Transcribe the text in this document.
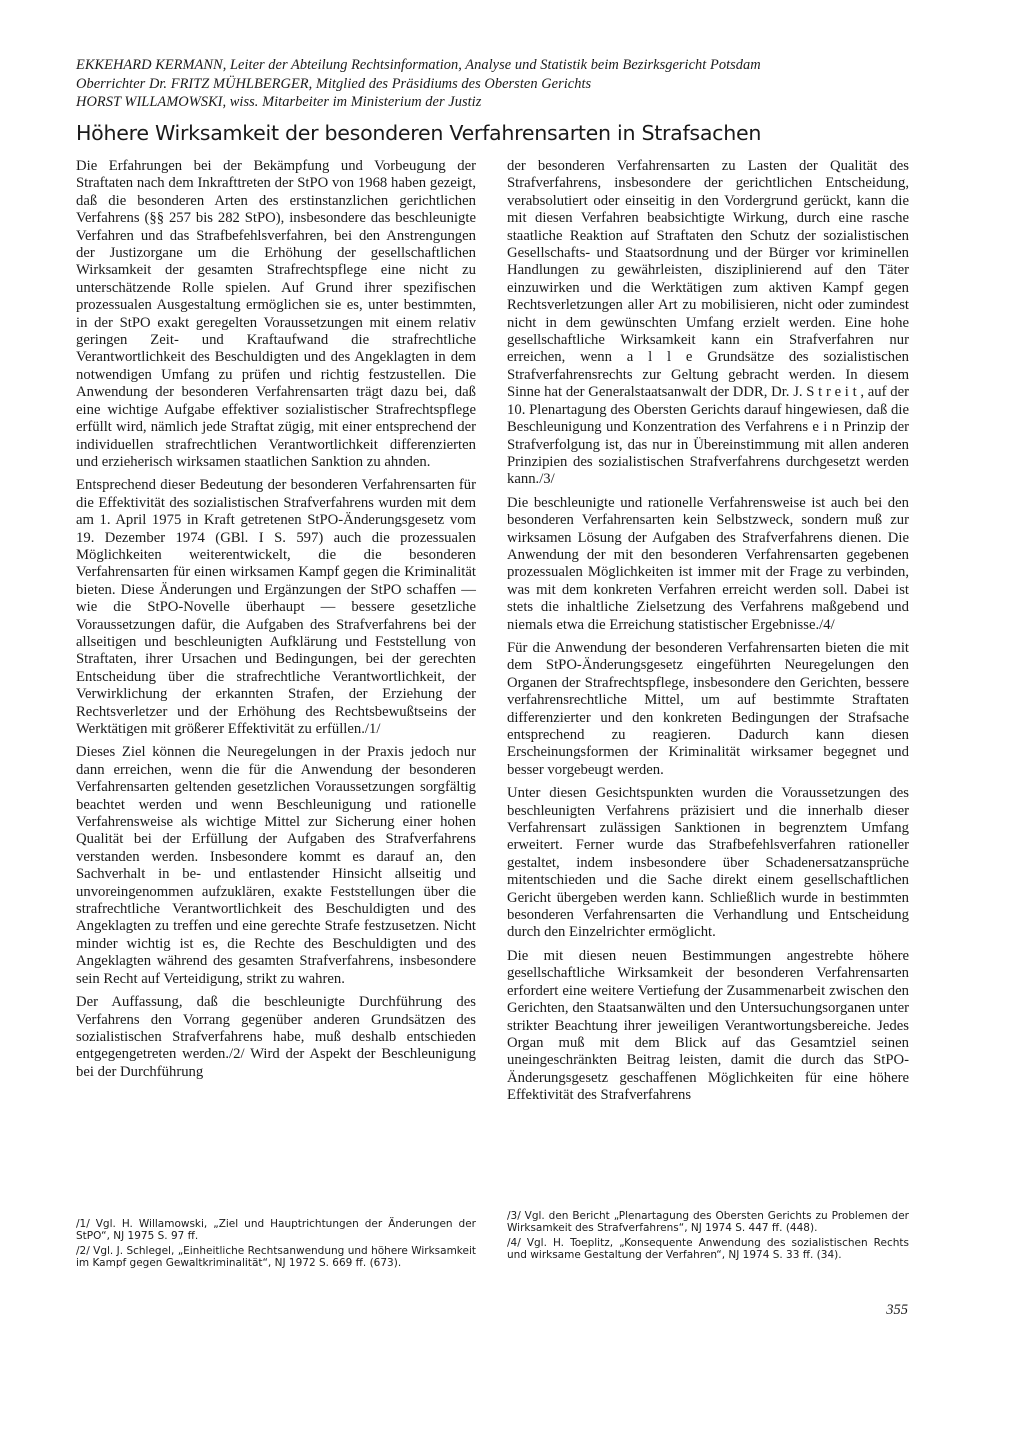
EKKEHARD KERMANN, Leiter der Abteilung Rechtsinformation, Analyse und Statistik beim Bezirksgericht Potsdam
Oberrichter Dr. FRITZ MÜHLBERGER, Mitglied des Präsidiums des Obersten Gerichts
HORST WILLAMOWSKI, wiss. Mitarbeiter im Ministerium der Justiz
Höhere Wirksamkeit der besonderen Verfahrensarten in Strafsachen

Die Erfahrungen bei der Bekämpfung und Vorbeugung der Straftaten nach dem Inkrafttreten der StPO von 1968 haben gezeigt, daß die besonderen Arten des erstinstanzlichen gerichtlichen Verfahrens (§§ 257 bis 282 StPO), insbesondere das beschleunigte Verfahren und das Strafbefehlsverfahren, bei den Anstrengungen der Justizorgane um die Erhöhung der gesellschaftlichen Wirksamkeit der gesamten Strafrechtspflege eine nicht zu unterschätzende Rolle spielen. Auf Grund ihrer spezifischen prozessualen Ausgestaltung ermöglichen sie es, unter bestimmten, in der StPO exakt geregelten Voraussetzungen mit einem relativ geringen Zeit- und Kraftaufwand die strafrechtliche Verantwortlichkeit des Beschuldigten und des Angeklagten in dem notwendigen Umfang zu prüfen und richtig festzustellen. Die Anwendung der besonderen Verfahrensarten trägt dazu bei, daß eine wichtige Aufgabe effektiver sozialistischer Strafrechtspflege erfüllt wird, nämlich jede Straftat zügig, mit einer entsprechend der individuellen strafrechtlichen Verantwortlichkeit differenzierten und erzieherisch wirksamen staatlichen Sanktion zu ahnden.

Entsprechend dieser Bedeutung der besonderen Verfahrensarten für die Effektivität des sozialistischen Strafverfahrens wurden mit dem am 1. April 1975 in Kraft getretenen StPO-Änderungsgesetz vom 19. Dezember 1974 (GBl. I S. 597) auch die prozessualen Möglichkeiten weiterentwickelt, die die besonderen Verfahrensarten für einen wirksamen Kampf gegen die Kriminalität bieten. Diese Änderungen und Ergänzungen der StPO schaffen — wie die StPO-Novelle überhaupt — bessere gesetzliche Voraussetzungen dafür, die Aufgaben des Strafverfahrens bei der allseitigen und beschleunigten Aufklärung und Feststellung von Straftaten, ihrer Ursachen und Bedingungen, bei der gerechten Entscheidung über die strafrechtliche Verantwortlichkeit, der Verwirklichung der erkannten Strafen, der Erziehung der Rechtsverletzer und der Erhöhung des Rechtsbewußtseins der Werktätigen mit größerer Effektivität zu erfüllen./1/

Dieses Ziel können die Neuregelungen in der Praxis jedoch nur dann erreichen, wenn die für die Anwendung der besonderen Verfahrensarten geltenden gesetzlichen Voraussetzungen sorgfältig beachtet werden und wenn Beschleunigung und rationelle Verfahrensweise als wichtige Mittel zur Sicherung einer hohen Qualität bei der Erfüllung der Aufgaben des Strafverfahrens verstanden werden. Insbesondere kommt es darauf an, den Sachverhalt in be- und entlastender Hinsicht allseitig und unvoreingenommen aufzuklären, exakte Feststellungen über die strafrechtliche Verantwortlichkeit des Beschuldigten und des Angeklagten zu treffen und eine gerechte Strafe festzusetzen. Nicht minder wichtig ist es, die Rechte des Beschuldigten und des Angeklagten während des gesamten Strafverfahrens, insbesondere sein Recht auf Verteidigung, strikt zu wahren.

Der Auffassung, daß die beschleunigte Durchführung des Verfahrens den Vorrang gegenüber anderen Grundsätzen des sozialistischen Strafverfahrens habe, muß deshalb entschieden entgegengetreten werden./2/ Wird der Aspekt der Beschleunigung bei der Durchführung

der besonderen Verfahrensarten zu Lasten der Qualität des Strafverfahrens, insbesondere der gerichtlichen Entscheidung, verabsolutiert oder einseitig in den Vordergrund gerückt, kann die mit diesen Verfahren beabsichtigte Wirkung, durch eine rasche staatliche Reaktion auf Straftaten den Schutz der sozialistischen Gesellschafts- und Staatsordnung und der Bürger vor kriminellen Handlungen zu gewährleisten, disziplinierend auf den Täter einzuwirken und die Werktätigen zum aktiven Kampf gegen Rechtsverletzungen aller Art zu mobilisieren, nicht oder zumindest nicht in dem gewünschten Umfang erzielt werden. Eine hohe gesellschaftliche Wirksamkeit kann ein Strafverfahren nur erreichen, wenn a l l e Grundsätze des sozialistischen Strafverfahrensrechts zur Geltung gebracht werden. In diesem Sinne hat der Generalstaatsanwalt der DDR, Dr. J. S t r e i t , auf der 10. Plenartagung des Obersten Gerichts darauf hingewiesen, daß die Beschleunigung und Konzentration des Verfahrens e i n Prinzip der Strafverfolgung ist, das nur in Übereinstimmung mit allen anderen Prinzipien des sozialistischen Strafverfahrens durchgesetzt werden kann./3/

Die beschleunigte und rationelle Verfahrensweise ist auch bei den besonderen Verfahrensarten kein Selbstzweck, sondern muß zur wirksamen Lösung der Aufgaben des Strafverfahrens dienen. Die Anwendung der mit den besonderen Verfahrensarten gegebenen prozessualen Möglichkeiten ist immer mit der Frage zu verbinden, was mit dem konkreten Verfahren erreicht werden soll. Dabei ist stets die inhaltliche Zielsetzung des Verfahrens maßgebend und niemals etwa die Erreichung statistischer Ergebnisse./4/

Für die Anwendung der besonderen Verfahrensarten bieten die mit dem StPO-Änderungsgesetz eingeführten Neuregelungen den Organen der Strafrechtspflege, insbesondere den Gerichten, bessere verfahrensrechtliche Mittel, um auf bestimmte Straftaten differenzierter und den konkreten Bedingungen der Strafsache entsprechend zu reagieren. Dadurch kann diesen Erscheinungsformen der Kriminalität wirksamer begegnet und besser vorgebeugt werden.

Unter diesen Gesichtspunkten wurden die Voraussetzungen des beschleunigten Verfahrens präzisiert und die innerhalb dieser Verfahrensart zulässigen Sanktionen in begrenztem Umfang erweitert. Ferner wurde das Strafbefehlsverfahren rationeller gestaltet, indem insbesondere über Schadenersatzansprüche mitentschieden und die Sache direkt einem gesellschaftlichen Gericht übergeben werden kann. Schließlich wurde in bestimmten besonderen Verfahrensarten die Verhandlung und Entscheidung durch den Einzelrichter ermöglicht.

Die mit diesen neuen Bestimmungen angestrebte höhere gesellschaftliche Wirksamkeit der besonderen Verfahrensarten erfordert eine weitere Vertiefung der Zusammenarbeit zwischen den Gerichten, den Staatsanwälten und den Untersuchungsorganen unter strikter Beachtung ihrer jeweiligen Verantwortungsbereiche. Jedes Organ muß mit dem Blick auf das Gesamtziel seinen uneingeschränkten Beitrag leisten, damit die durch das StPO-Änderungsgesetz geschaffenen Möglichkeiten für eine höhere Effektivität des Strafverfahrens

/1/ Vgl. H. Willamowski, „Ziel und Hauptrichtungen der Änderungen der StPO“, NJ 1975 S. 97 ff.

/2/ Vgl. J. Schlegel, „Einheitliche Rechtsanwendung und höhere Wirksamkeit im Kampf gegen Gewaltkriminalität“, NJ 1972 S. 669 ff. (673).

/3/ Vgl. den Bericht „Plenartagung des Obersten Gerichts zu Problemen der Wirksamkeit des Strafverfahrens“, NJ 1974 S. 447 ff. (448).

/4/ Vgl. H. Toeplitz, „Konsequente Anwendung des sozialistischen Rechts und wirksame Gestaltung der Verfahren“, NJ 1974 S. 33 ff. (34).

355
